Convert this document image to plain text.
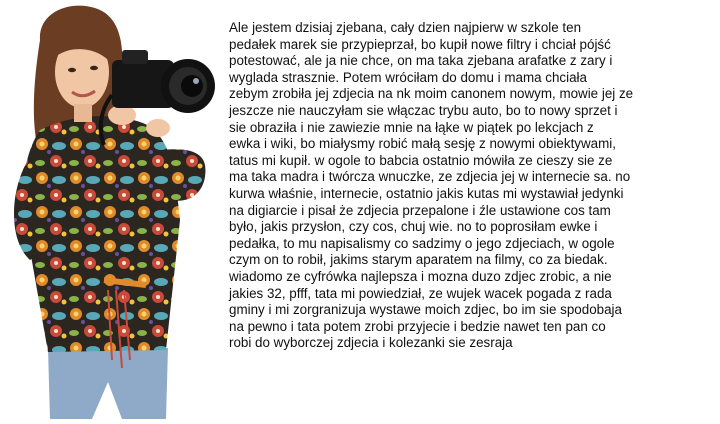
Ale jestem dzisiaj zjebana, cały dzien najpierw w szkole ten
pedałek marek sie przypieprzał, bo kupił nowe filtry i chciał pójść
potestować, ale ja nie chce, on ma taka zjebana arafatke z zary i
wyglada strasznie. Potem wróciłam do domu i mama chciała
zebym zrobiła jej zdjecia na nk moim canonem nowym, mowie jej ze
jeszcze nie nauczyłam sie włączac trybu auto, bo to nowy sprzet i
sie obraziła i nie zawiezie mnie na łąke w piątek po lekcjach z
ewka i wiki, bo miałysmy robić małą sesję z nowymi obiektywami,
tatus mi kupił. w ogole to babcia ostatnio mówiła ze cieszy sie ze
ma taka madra i twórcza wnuczke, ze zdjecia jej w internecie sa. no
kurwa właśnie, internecie, ostatnio jakis kutas mi wystawiał jedynki
na digiarcie i pisał że zdjecia przepalone i źle ustawione cos tam
było, jakis przysłon, czy cos, chuj wie. no to poprosiłam ewke i
pedałka, to mu napisalismy co sadzimy o jego zdjeciach, w ogole
czym on to robił, jakims starym aparatem na filmy, co za biedak.
wiadomo ze cyfrówka najlepsza i mozna duzo zdjec zrobic, a nie
jakies 32, pfff, tata mi powiedział, ze wujek wacek pogada z rada
gminy i mi zorgranizuja wystawe moich zdjec, bo im sie spodobaja
na pewno i tata potem zrobi przyjecie i bedzie nawet ten pan co
robi do wyborczej zdjecia i kolezanki sie zesraja
